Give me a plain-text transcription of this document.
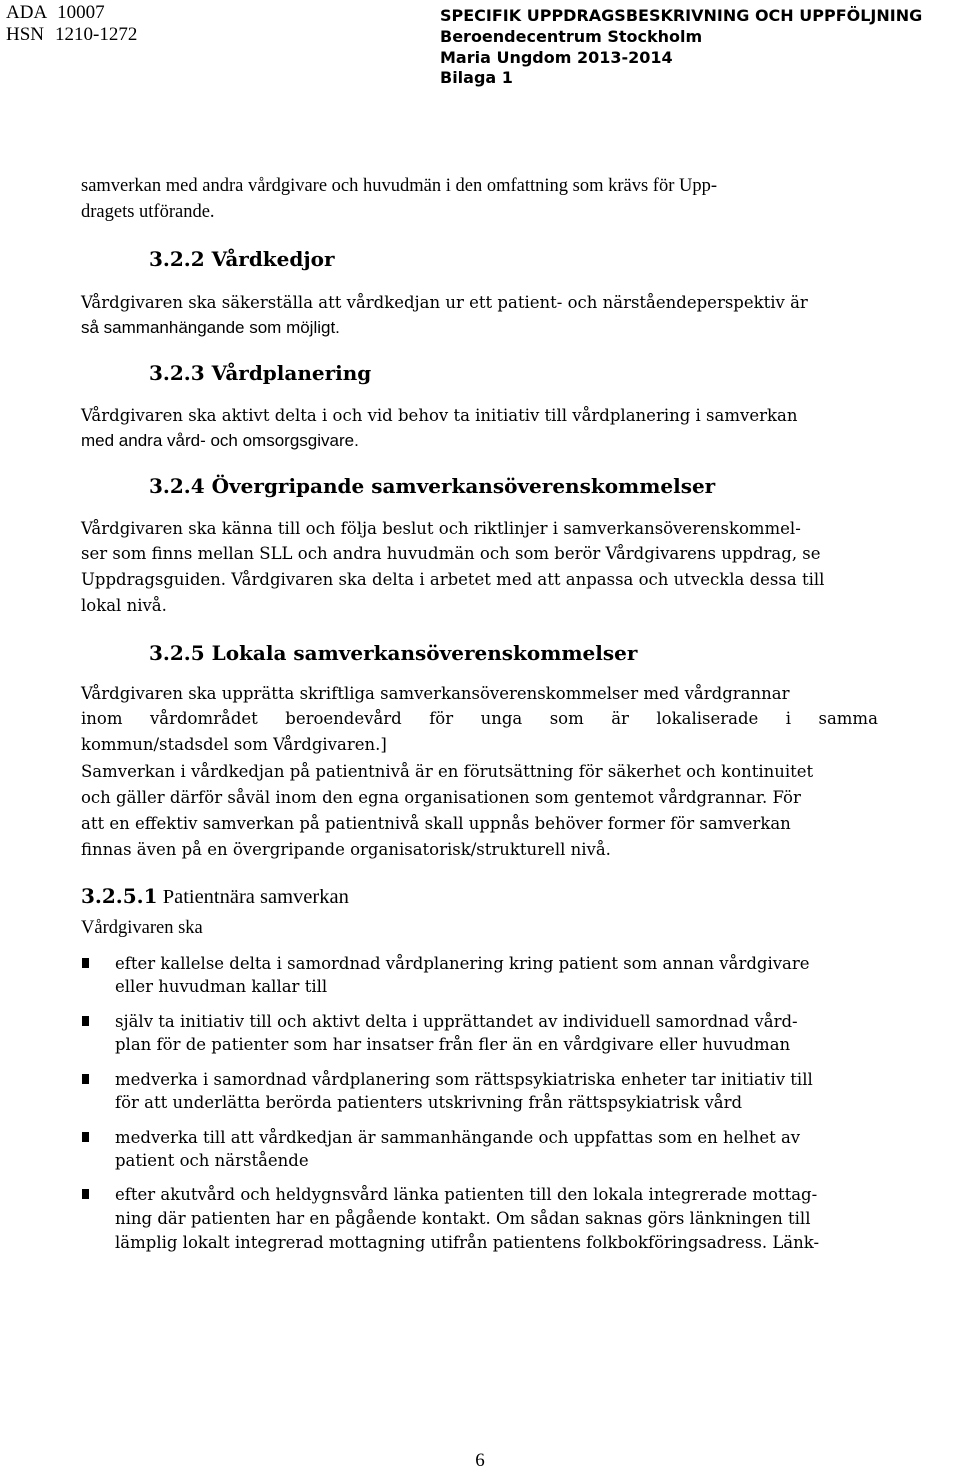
ADA 10007
HSN 1210-1272
SPECIFIK UPPDRAGSBESKRIVNING OCH UPPFÖLJNING
Beroendecentrum Stockholm
Maria Ungdom 2013-2014
Bilaga 1

samverkan med andra vårdgivare och huvudmän i den omfattning som krävs för Upp-

dragets utförande.

3.2.2 Vårdkedjor

Vårdgivaren ska säkerställa att vårdkedjan ur ett patient- och närståendeperspektiv är

så sammanhängande som möjligt.

3.2.3 Vårdplanering

Vårdgivaren ska aktivt delta i och vid behov ta initiativ till vårdplanering i samverkan

med andra vård- och omsorgsgivare.

3.2.4 Övergripande samverkansöverenskommelser

Vårdgivaren ska känna till och följa beslut och riktlinjer i samverkansöverenskommel-

ser som finns mellan SLL och andra huvudmän och som berör Vårdgivarens uppdrag, se

Uppdragsguiden. Vårdgivaren ska delta i arbetet med att anpassa och utveckla dessa till

lokal nivå.

3.2.5 Lokala samverkansöverenskommelser

Vårdgivaren ska upprätta skriftliga samverkansöverenskommelser med vårdgrannar

inom vårdområdet beroendevård för unga som är lokaliserade i samma

kommun/stadsdel som Vårdgivaren.]

Samverkan i vårdkedjan på patientnivå är en förutsättning för säkerhet och kontinuitet

och gäller därför såväl inom den egna organisationen som gentemot vårdgrannar. För

att en effektiv samverkan på patientnivå skall uppnås behöver former för samverkan

finnas även på en övergripande organisatorisk/strukturell nivå.

3.2.5.1 Patientnära samverkan

Vårdgivaren ska

efter kallelse delta i samordnad vårdplanering kring patient som annan vårdgivare

eller huvudman kallar till

själv ta initiativ till och aktivt delta i upprättandet av individuell samordnad vård-

plan för de patienter som har insatser från fler än en vårdgivare eller huvudman

medverka i samordnad vårdplanering som rättspsykiatriska enheter tar initiativ till

för att underlätta berörda patienters utskrivning från rättspsykiatrisk vård

medverka till att vårdkedjan är sammanhängande och uppfattas som en helhet av

patient och närstående

efter akutvård och heldygnsvård länka patienten till den lokala integrerade mottag-

ning där patienten har en pågående kontakt. Om sådan saknas görs länkningen till

lämplig lokalt integrerad mottagning utifrån patientens folkbokföringsadress. Länk-

6
